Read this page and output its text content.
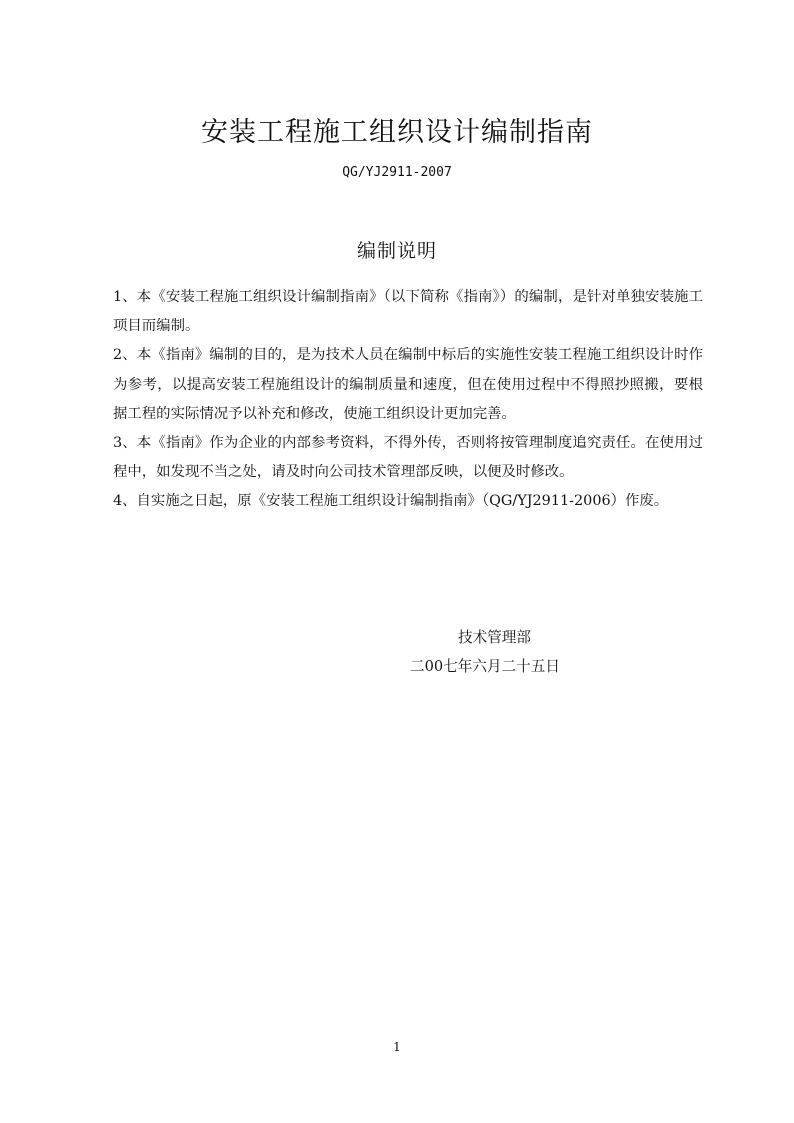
安装工程施工组织设计编制指南
QG/YJ2911-2007
编制说明

1、本《安装工程施工组织设计编制指南》（以下简称《指南》）的编制，是针对单独安装施工项目而编制。

2、本《指南》编制的目的，是为技术人员在编制中标后的实施性安装工程施工组织设计时作为参考，以提高安装工程施组设计的编制质量和速度，但在使用过程中不得照抄照搬，要根据工程的实际情况予以补充和修改，使施工组织设计更加完善。

3、本《指南》作为企业的内部参考资料，不得外传，否则将按管理制度追究责任。在使用过程中，如发现不当之处，请及时向公司技术管理部反映，以便及时修改。

4、自实施之日起，原《安装工程施工组织设计编制指南》（QG/YJ2911-2006）作废。

技术管理部
二00七年六月二十五日
1
